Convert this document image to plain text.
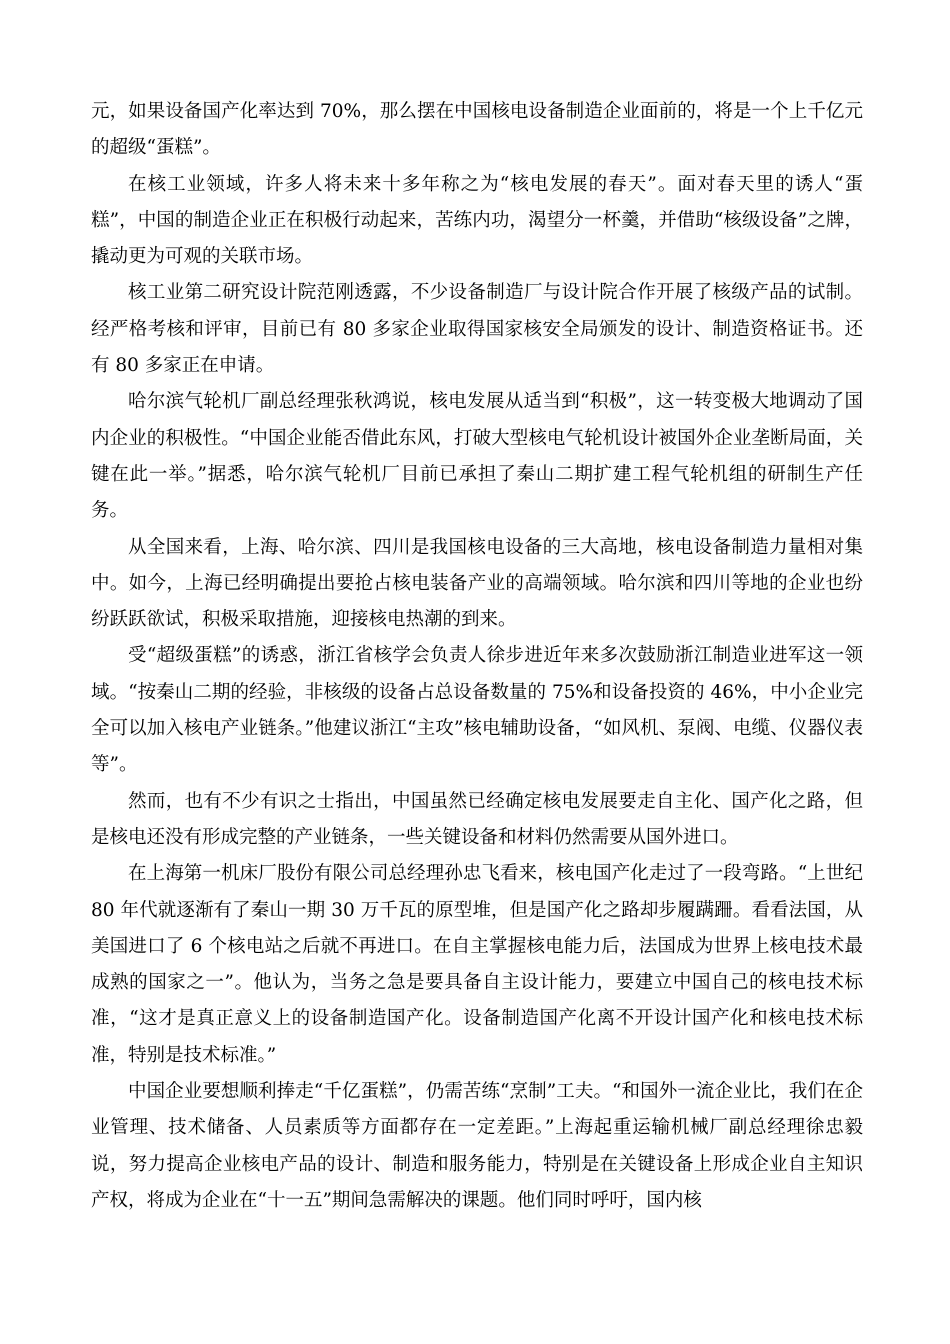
元，如果设备国产化率达到 70%，那么摆在中国核电设备制造企业面前的，将是一个上千亿元的超级“蛋糕”。

在核工业领域，许多人将未来十多年称之为“核电发展的春天”。面对春天里的诱人“蛋糕”，中国的制造企业正在积极行动起来，苦练内功，渴望分一杯羹，并借助“核级设备”之牌，撬动更为可观的关联市场。

核工业第二研究设计院范刚透露，不少设备制造厂与设计院合作开展了核级产品的试制。经严格考核和评审，目前已有 80 多家企业取得国家核安全局颁发的设计、制造资格证书。还有 80 多家正在申请。

哈尔滨气轮机厂副总经理张秋鸿说，核电发展从适当到“积极”，这一转变极大地调动了国内企业的积极性。“中国企业能否借此东风，打破大型核电气轮机设计被国外企业垄断局面，关键在此一举。”据悉，哈尔滨气轮机厂目前已承担了秦山二期扩建工程气轮机组的研制生产任务。

从全国来看，上海、哈尔滨、四川是我国核电设备的三大高地，核电设备制造力量相对集中。如今，上海已经明确提出要抢占核电装备产业的高端领域。哈尔滨和四川等地的企业也纷纷跃跃欲试，积极采取措施，迎接核电热潮的到来。

受“超级蛋糕”的诱惑，浙江省核学会负责人徐步进近年来多次鼓励浙江制造业进军这一领域。“按秦山二期的经验，非核级的设备占总设备数量的 75%和设备投资的 46%，中小企业完全可以加入核电产业链条。”他建议浙江“主攻”核电辅助设备，“如风机、泵阀、电缆、仪器仪表等”。

然而，也有不少有识之士指出，中国虽然已经确定核电发展要走自主化、国产化之路，但是核电还没有形成完整的产业链条，一些关键设备和材料仍然需要从国外进口。

在上海第一机床厂股份有限公司总经理孙忠飞看来，核电国产化走过了一段弯路。“上世纪 80 年代就逐渐有了秦山一期 30 万千瓦的原型堆，但是国产化之路却步履蹒跚。看看法国，从美国进口了 6 个核电站之后就不再进口。在自主掌握核电能力后，法国成为世界上核电技术最成熟的国家之一”。他认为，当务之急是要具备自主设计能力，要建立中国自己的核电技术标准，“这才是真正意义上的设备制造国产化。设备制造国产化离不开设计国产化和核电技术标准，特别是技术标准。”

中国企业要想顺利捧走“千亿蛋糕”，仍需苦练“烹制”工夫。“和国外一流企业比，我们在企业管理、技术储备、人员素质等方面都存在一定差距。”上海起重运输机械厂副总经理徐忠毅说，努力提高企业核电产品的设计、制造和服务能力，特别是在关键设备上形成企业自主知识产权，将成为企业在“十一五”期间急需解决的课题。他们同时呼吁，国内核
